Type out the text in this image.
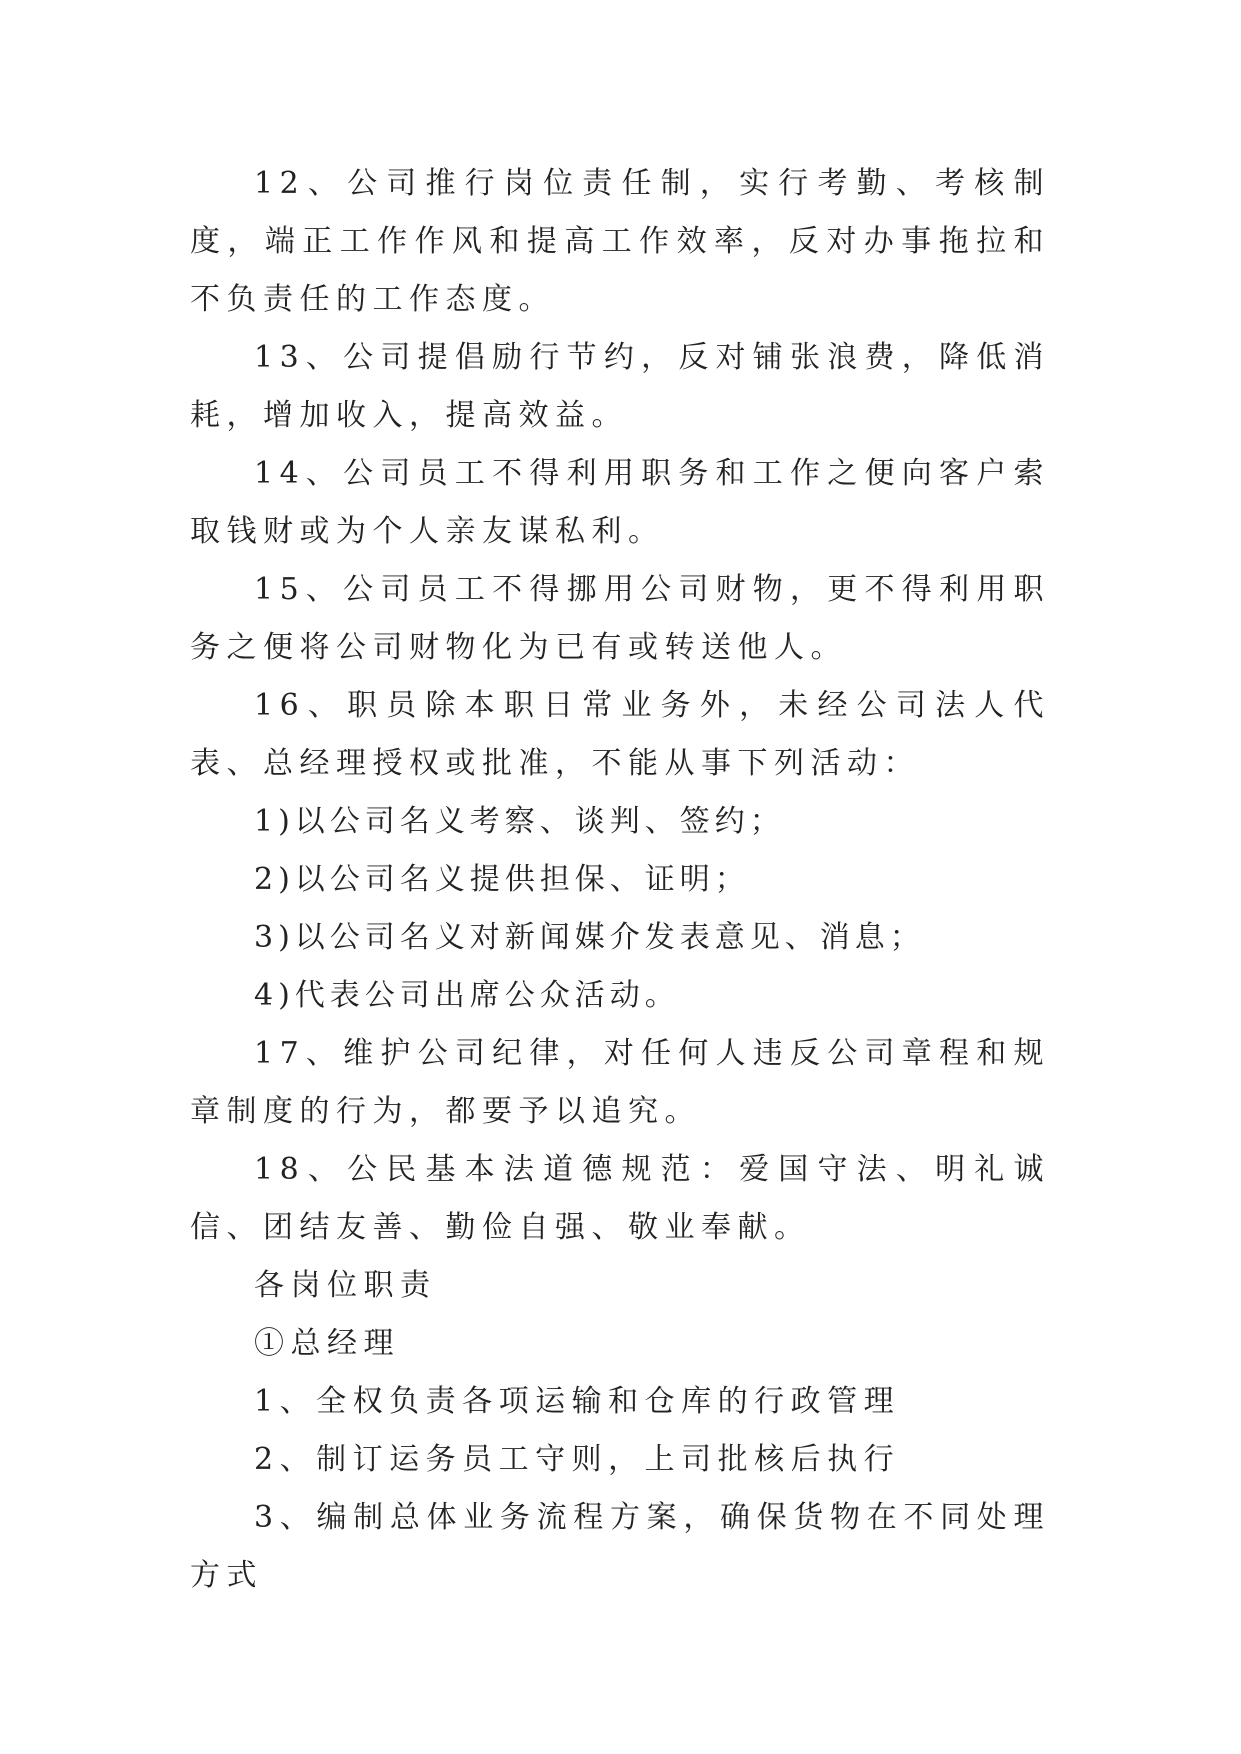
12、公司推行岗位责任制，实行考勤、考核制度，端正工作作风和提高工作效率，反对办事拖拉和不负责任的工作态度。

13、公司提倡励行节约，反对铺张浪费，降低消耗，增加收入，提高效益。

14、公司员工不得利用职务和工作之便向客户索取钱财或为个人亲友谋私利。

15、公司员工不得挪用公司财物，更不得利用职务之便将公司财物化为已有或转送他人。

16、职员除本职日常业务外，未经公司法人代表、总经理授权或批准，不能从事下列活动：

1)以公司名义考察、谈判、签约；

2)以公司名义提供担保、证明；

3)以公司名义对新闻媒介发表意见、消息；

4)代表公司出席公众活动。

17、维护公司纪律，对任何人违反公司章程和规章制度的行为，都要予以追究。

18、公民基本法道德规范：爱国守法、明礼诚信、团结友善、勤俭自强、敬业奉献。

各岗位职责

①总经理

1、全权负责各项运输和仓库的行政管理

2、制订运务员工守则，上司批核后执行

3、编制总体业务流程方案，确保货物在不同处理方式
